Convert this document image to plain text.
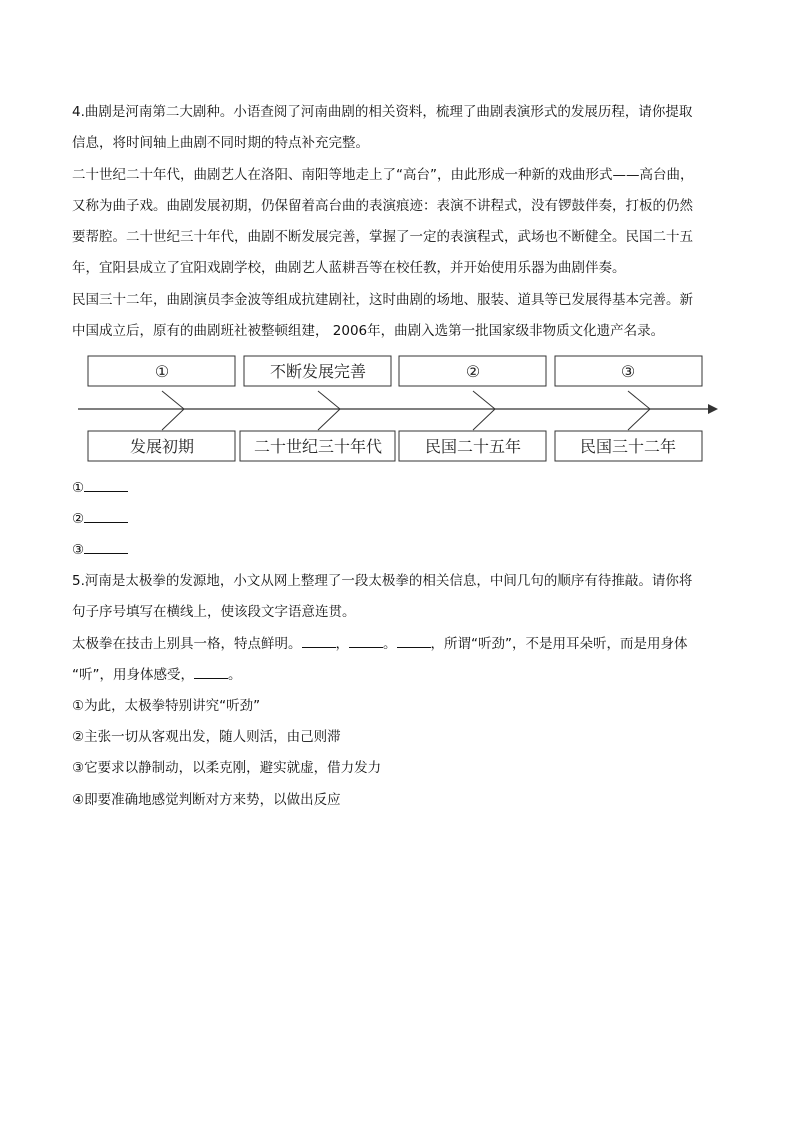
4.曲剧是河南第二大剧种。小语查阅了河南曲剧的相关资料，梳理了曲剧表演形式的发展历程，请你提取
信息，将时间轴上曲剧不同时期的特点补充完整。
二十世纪二十年代，曲剧艺人在洛阳、南阳等地走上了“高台”，由此形成一种新的戏曲形式——高台曲，
又称为曲子戏。曲剧发展初期，仍保留着高台曲的表演痕迹：表演不讲程式，没有锣鼓伴奏，打板的仍然
要帮腔。二十世纪三十年代，曲剧不断发展完善，掌握了一定的表演程式，武场也不断健全。民国二十五
年，宜阳县成立了宜阳戏剧学校，曲剧艺人蓝耕吾等在校任教，并开始使用乐器为曲剧伴奏。
民国三十二年，曲剧演员李金波等组成抗建剧社，这时曲剧的场地、服装、道具等已发展得基本完善。新
中国成立后，原有的曲剧班社被整顿组建， 2006年，曲剧入选第一批国家级非物质文化遗产名录。
①	不断发展完善	②	③
发展初期	二十世纪三十年代	民国二十五年	民国三十二年
①
②
③
5.河南是太极拳的发源地，小文从网上整理了一段太极拳的相关信息，中间几句的顺序有待推敲。请你将
句子序号填写在横线上，使该段文字语意连贯。
太极拳在技击上别具一格，特点鲜明。	，	。	，所谓“听劲”，不是用耳朵听，而是用身体
“听”，用身体感受，	。
①为此，太极拳特别讲究“听劲”
②主张一切从客观出发，随人则活，由己则滞
③它要求以静制动，以柔克刚，避实就虚，借力发力
④即要准确地感觉判断对方来势，以做出反应
